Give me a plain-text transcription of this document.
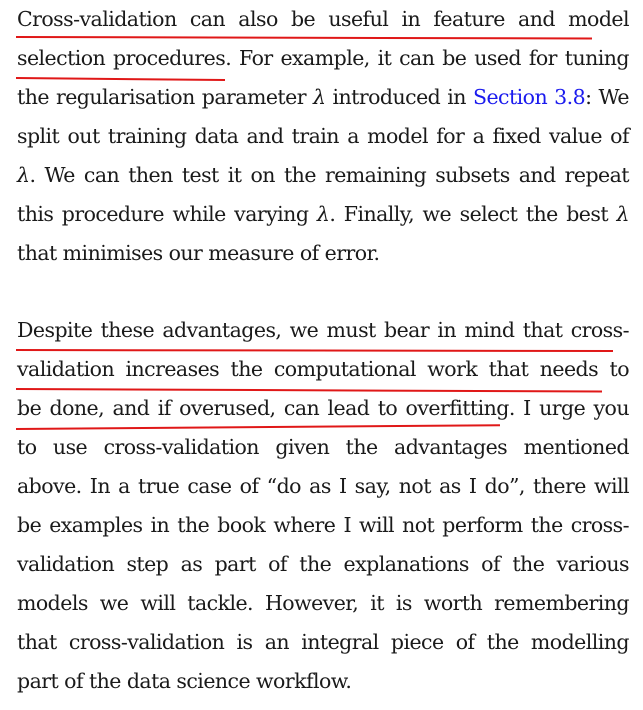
Cross-validation can also be useful in feature and model
selection procedures. For example, it can be used for tuning
the regularisation parameter λ introduced in Section 3.8: We
split out training data and train a model for a fixed value of
λ. We can then test it on the remaining subsets and repeat
this procedure while varying λ. Finally, we select the best λ
that minimises our measure of error.
Despite these advantages, we must bear in mind that cross-
validation increases the computational work that needs to
be done, and if overused, can lead to overfitting. I urge you
to use cross-validation given the advantages mentioned
above. In a true case of “do as I say, not as I do”, there will
be examples in the book where I will not perform the cross-
validation step as part of the explanations of the various
models we will tackle. However, it is worth remembering
that cross-validation is an integral piece of the modelling
part of the data science workflow.
